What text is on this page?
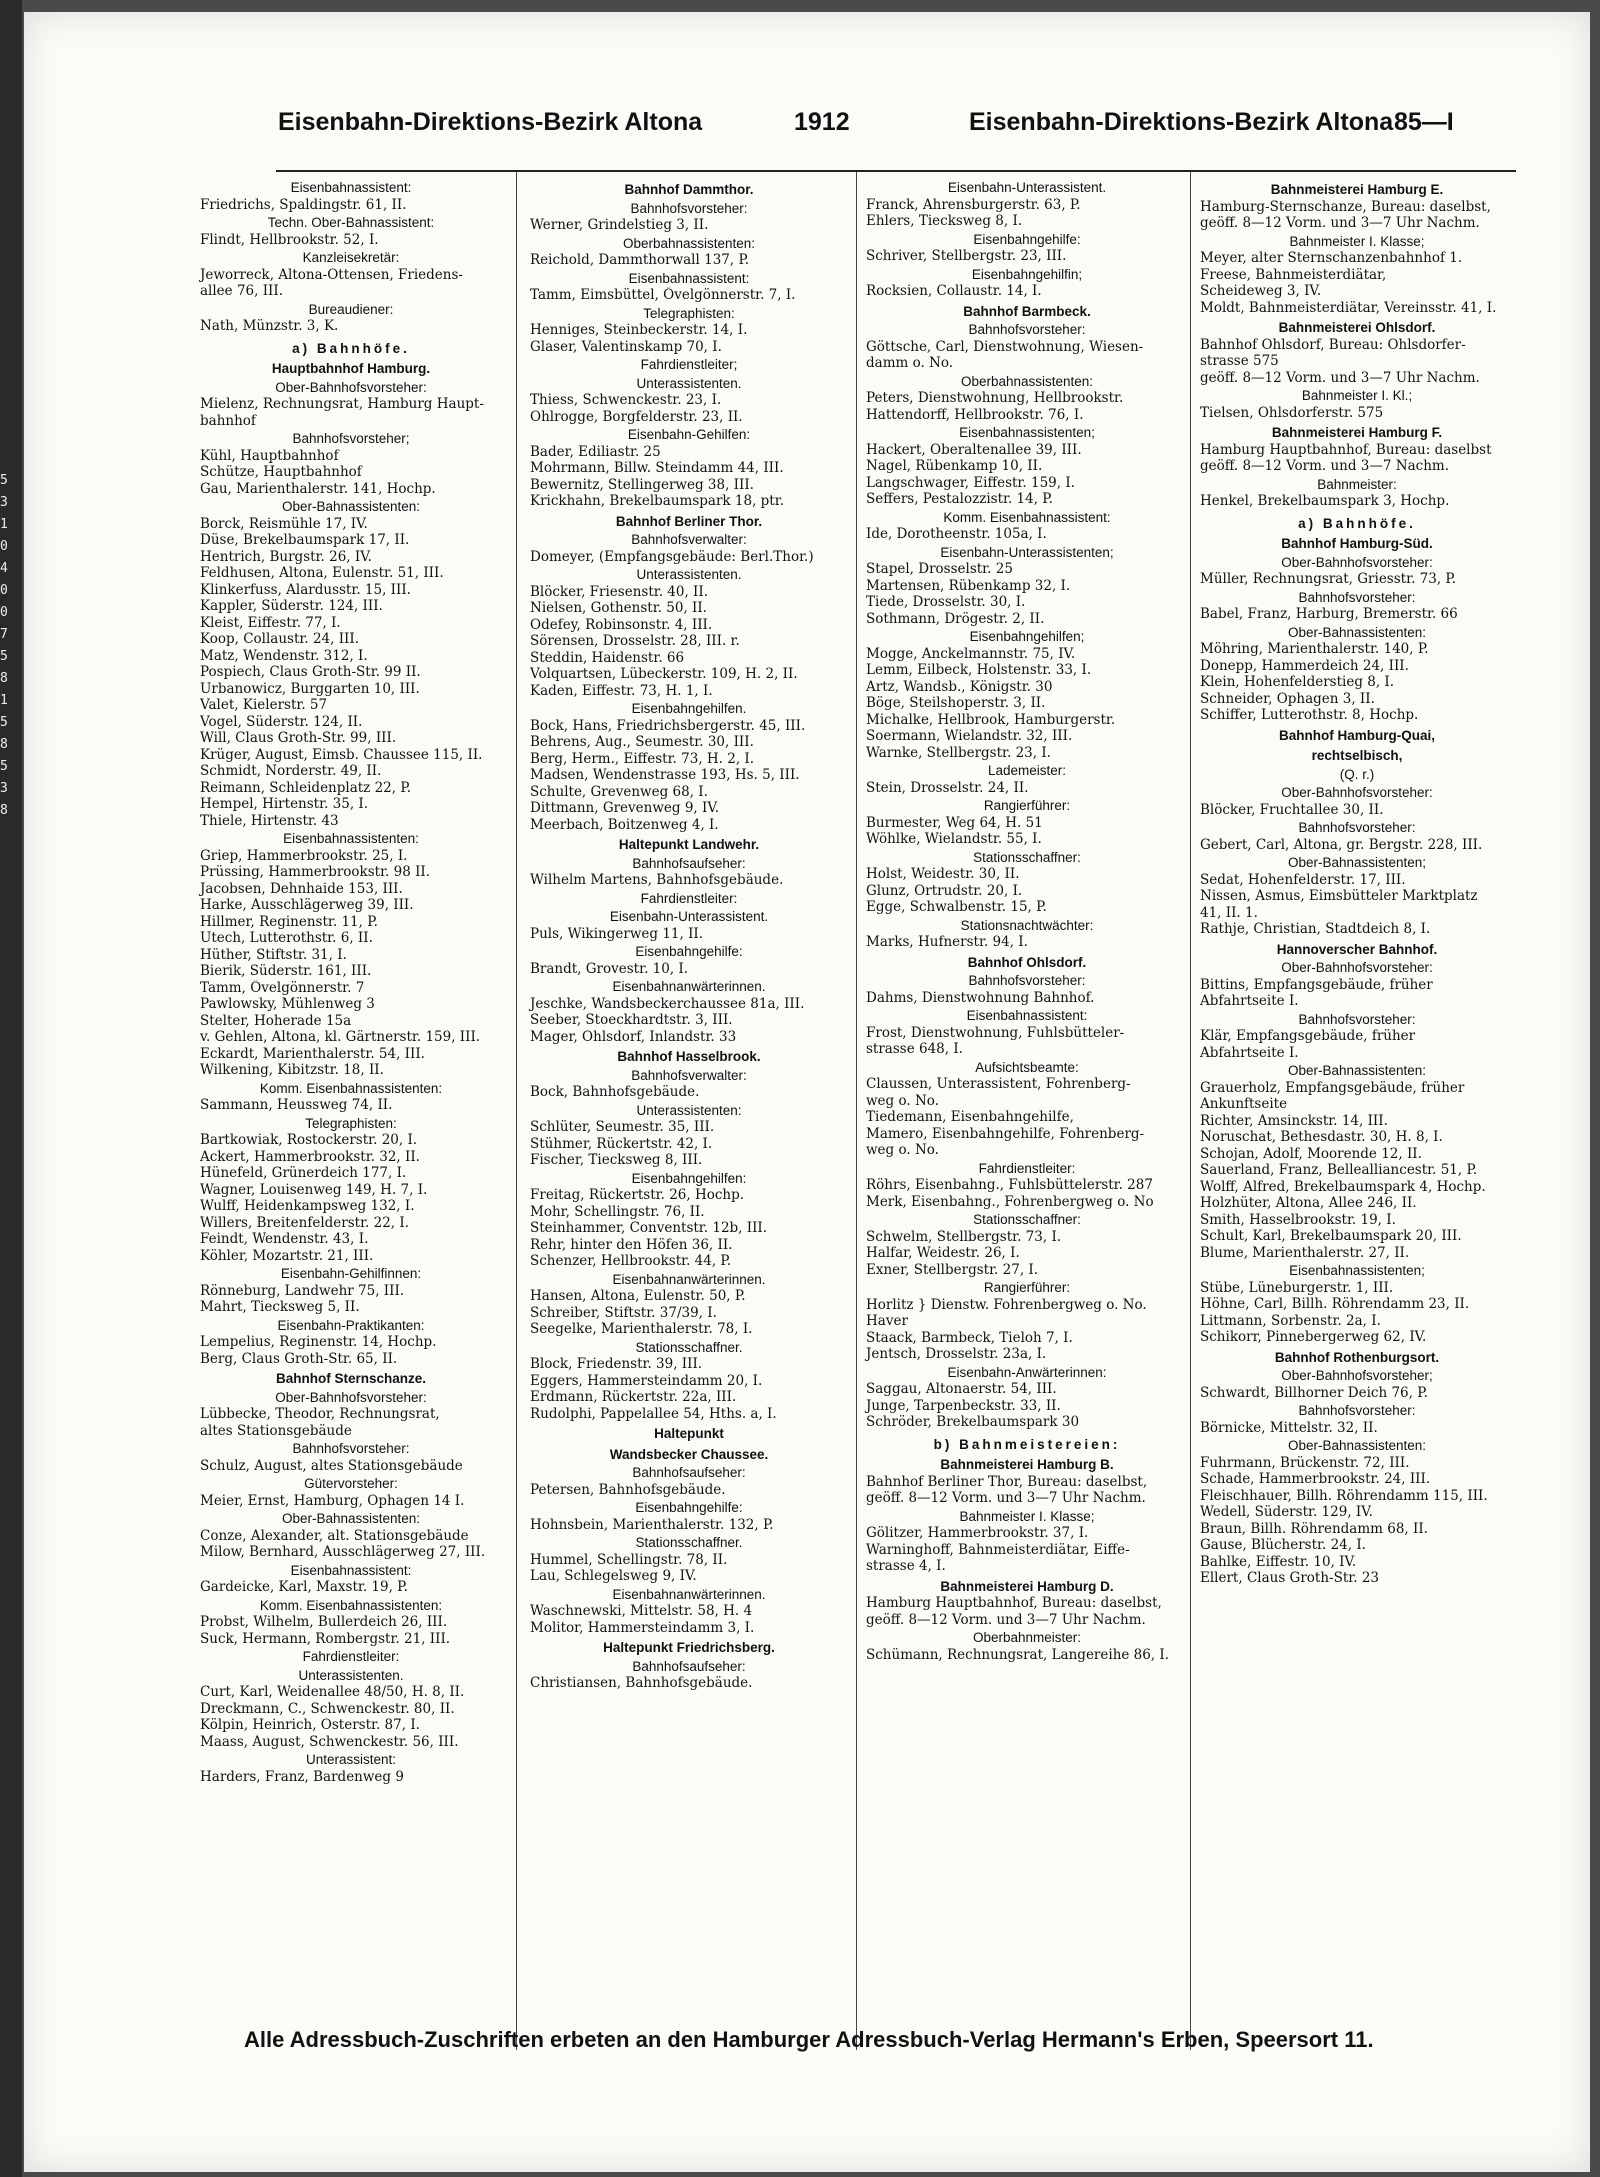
5 3 1 0 4 0 0 7 5 8 1 5 8 5 3 8
Eisenbahn-Direktions-Bezirk Altona	1912	Eisenbahn-Direktions-Bezirk Altona 85—I
Eisenbahnassistent:
Friedrichs, Spaldingstr. 61, II.
Techn. Ober-Bahnassistent:
Flindt, Hellbrookstr. 52, I.
Kanzleisekretär:
Jeworreck, Altona-Ottensen, Friedens-
allee 76, III.
Bureaudiener:
Nath, Münzstr. 3, K.
a) Bahnhöfe.
Hauptbahnhof Hamburg.
Ober-Bahnhofsvorsteher:
Mielenz, Rechnungsrat, Hamburg Haupt-
bahnhof
Bahnhofsvorsteher;
Kühl, Hauptbahnhof
Schütze, Hauptbahnhof
Gau, Marienthalerstr. 141, Hochp.
Ober-Bahnassistenten:
Borck, Reismühle 17, IV.
Düse, Brekelbaumspark 17, II.
Hentrich, Burgstr. 26, IV.
Feldhusen, Altona, Eulenstr. 51, III.
Klinkerfuss, Alardusstr. 15, III.
Kappler, Süderstr. 124, III.
Kleist, Eiffestr. 77, I.
Koop, Collaustr. 24, III.
Matz, Wendenstr. 312, I.
Pospiech, Claus Groth-Str. 99 II.
Urbanowicz, Burggarten 10, III.
Valet, Kielerstr. 57
Vogel, Süderstr. 124, II.
Will, Claus Groth-Str. 99, III.
Krüger, August, Eimsb. Chaussee 115, II.
Schmidt, Norderstr. 49, II.
Reimann, Schleidenplatz 22, P.
Hempel, Hirtenstr. 35, I.
Thiele, Hirtenstr. 43
Eisenbahnassistenten:
Griep, Hammerbrookstr. 25, I.
Prüssing, Hammerbrookstr. 98 II.
Jacobsen, Dehnhaide 153, III.
Harke, Ausschlägerweg 39, III.
Hillmer, Reginenstr. 11, P.
Utech, Lutterothstr. 6, II.
Hüther, Stiftstr. 31, I.
Bierik, Süderstr. 161, III.
Tamm, Övelgönnerstr. 7
Pawlowsky, Mühlenweg 3
Stelter, Hoherade 15a
v. Gehlen, Altona, kl. Gärtnerstr. 159, III.
Eckardt, Marienthalerstr. 54, III.
Wilkening, Kibitzstr. 18, II.
Komm. Eisenbahnassistenten:
Sammann, Heussweg 74, II.
Telegraphisten:
Bartkowiak, Rostockerstr. 20, I.
Ackert, Hammerbrookstr. 32, II.
Hünefeld, Grünerdeich 177, I.
Wagner, Louisenweg 149, H. 7, I.
Wulff, Heidenkampsweg 132, I.
Willers, Breitenfelderstr. 22, I.
Feindt, Wendenstr. 43, I.
Köhler, Mozartstr. 21, III.
Eisenbahn-Gehilfinnen:
Rönneburg, Landwehr 75, III.
Mahrt, Tiecksweg 5, II.
Eisenbahn-Praktikanten:
Lempelius, Reginenstr. 14, Hochp.
Berg, Claus Groth-Str. 65, II.
Bahnhof Sternschanze.
Ober-Bahnhofsvorsteher:
Lübbecke, Theodor, Rechnungsrat,
altes Stationsgebäude
Bahnhofsvorsteher:
Schulz, August, altes Stationsgebäude
Gütervorsteher:
Meier, Ernst, Hamburg, Ophagen 14 I.
Ober-Bahnassistenten:
Conze, Alexander, alt. Stationsgebäude
Milow, Bernhard, Ausschlägerweg 27, III.
Eisenbahnassistent:
Gardeicke, Karl, Maxstr. 19, P.
Komm. Eisenbahnassistenten:
Probst, Wilhelm, Bullerdeich 26, III.
Suck, Hermann, Rombergstr. 21, III.
Fahrdienstleiter:
Unterassistenten.
Curt, Karl, Weidenallee 48/50, H. 8, II.
Dreckmann, C., Schwenckestr. 80, II.
Kölpin, Heinrich, Osterstr. 87, I.
Maass, August, Schwenckestr. 56, III.
Unterassistent:
Harders, Franz, Bardenweg 9
Bahnhof Dammthor.
Bahnhofsvorsteher:
Werner, Grindelstieg 3, II.
Oberbahnassistenten:
Reichold, Dammthorwall 137, P.
Eisenbahnassistent:
Tamm, Eimsbüttel, Övelgönnerstr. 7, I.
Telegraphisten:
Henniges, Steinbeckerstr. 14, I.
Glaser, Valentinskamp 70, I.
Fahrdienstleiter;
Unterassistenten.
Thiess, Schwenckestr. 23, I.
Ohlrogge, Borgfelderstr. 23, II.
Eisenbahn-Gehilfen:
Bader, Ediliastr. 25
Mohrmann, Billw. Steindamm 44, III.
Bewernitz, Stellingerweg 38, III.
Krickhahn, Brekelbaumspark 18, ptr.
Bahnhof Berliner Thor.
Bahnhofsverwalter:
Domeyer, (Empfangsgebäude: Berl.Thor.)
Unterassistenten.
Blöcker, Friesenstr. 40, II.
Nielsen, Gothenstr. 50, II.
Odefey, Robinsonstr. 4, III.
Sörensen, Drosselstr. 28, III. r.
Steddin, Haidenstr. 66
Volquartsen, Lübeckerstr. 109, H. 2, II.
Kaden, Eiffestr. 73, H. 1, I.
Eisenbahngehilfen.
Bock, Hans, Friedrichsbergerstr. 45, III.
Behrens, Aug., Seumestr. 30, III.
Berg, Herm., Eiffestr. 73, H. 2, I.
Madsen, Wendenstrasse 193, Hs. 5, III.
Schulte, Grevenweg 68, I.
Dittmann, Grevenweg 9, IV.
Meerbach, Boitzenweg 4, I.
Haltepunkt Landwehr.
Bahnhofsaufseher:
Wilhelm Martens, Bahnhofsgebäude.
Fahrdienstleiter:
Eisenbahn-Unterassistent.
Puls, Wikingerweg 11, II.
Eisenbahngehilfe:
Brandt, Grovestr. 10, I.
Eisenbahnanwärterinnen.
Jeschke, Wandsbeckerchaussee 81a, III.
Seeber, Stoeckhardtstr. 3, III.
Mager, Ohlsdorf, Inlandstr. 33
Bahnhof Hasselbrook.
Bahnhofsverwalter:
Bock, Bahnhofsgebäude.
Unterassistenten:
Schlüter, Seumestr. 35, III.
Stühmer, Rückertstr. 42, I.
Fischer, Tiecksweg 8, III.
Eisenbahngehilfen:
Freitag, Rückertstr. 26, Hochp.
Mohr, Schellingstr. 76, II.
Steinhammer, Conventstr. 12b, III.
Rehr, hinter den Höfen 36, II.
Schenzer, Hellbrookstr. 44, P.
Eisenbahnanwärterinnen.
Hansen, Altona, Eulenstr. 50, P.
Schreiber, Stiftstr. 37/39, I.
Seegelke, Marienthalerstr. 78, I.
Stationsschaffner.
Block, Friedenstr. 39, III.
Eggers, Hammersteindamm 20, I.
Erdmann, Rückertstr. 22a, III.
Rudolphi, Pappelallee 54, Hths. a, I.
Haltepunkt
Wandsbecker Chaussee.
Bahnhofsaufseher:
Petersen, Bahnhofsgebäude.
Eisenbahngehilfe:
Hohnsbein, Marienthalerstr. 132, P.
Stationsschaffner.
Hummel, Schellingstr. 78, II.
Lau, Schlegelsweg 9, IV.
Eisenbahnanwärterinnen.
Waschnewski, Mittelstr. 58, H. 4
Molitor, Hammersteindamm 3, I.
Haltepunkt Friedrichsberg.
Bahnhofsaufseher:
Christiansen, Bahnhofsgebäude.
Eisenbahn-Unterassistent.
Franck, Ahrensburgerstr. 63, P.
Ehlers, Tiecksweg 8, I.
Eisenbahngehilfe:
Schriver, Stellbergstr. 23, III.
Eisenbahngehilfin;
Rocksien, Collaustr. 14, I.
Bahnhof Barmbeck.
Bahnhofsvorsteher:
Göttsche, Carl, Dienstwohnung, Wiesen-
damm o. No.
Oberbahnassistenten:
Peters, Dienstwohnung, Hellbrookstr.
Hattendorff, Hellbrookstr. 76, I.
Eisenbahnassistenten;
Hackert, Oberaltenallee 39, III.
Nagel, Rübenkamp 10, II.
Langschwager, Eiffestr. 159, I.
Seffers, Pestalozzistr. 14, P.
Komm. Eisenbahnassistent:
Ide, Dorotheenstr. 105a, I.
Eisenbahn-Unterassistenten;
Stapel, Drosselstr. 25
Martensen, Rübenkamp 32, I.
Tiede, Drosselstr. 30, I.
Sothmann, Drögestr. 2, II.
Eisenbahngehilfen;
Mogge, Anckelmannstr. 75, IV.
Lemm, Eilbeck, Holstenstr. 33, I.
Artz, Wandsb., Königstr. 30
Böge, Steilshoperstr. 3, II.
Michalke, Hellbrook, Hamburgerstr.
Soermann, Wielandstr. 32, III.
Warnke, Stellbergstr. 23, I.
Lademeister:
Stein, Drosselstr. 24, II.
Rangierführer:
Burmester, Weg 64, H. 51
Wöhlke, Wielandstr. 55, I.
Stationsschaffner:
Holst, Weidestr. 30, II.
Glunz, Ortrudstr. 20, I.
Egge, Schwalbenstr. 15, P.
Stationsnachtwächter:
Marks, Hufnerstr. 94, I.
Bahnhof Ohlsdorf.
Bahnhofsvorsteher:
Dahms, Dienstwohnung Bahnhof.
Eisenbahnassistent:
Frost, Dienstwohnung, Fuhlsbütteler-
strasse 648, I.
Aufsichtsbeamte:
Claussen, Unterassistent, Fohrenberg-
weg o. No.
Tiedemann, Eisenbahngehilfe,
Mamero, Eisenbahngehilfe, Fohrenberg-
weg o. No.
Fahrdienstleiter:
Röhrs, Eisenbahng., Fuhlsbüttelerstr. 287
Merk, Eisenbahng., Fohrenbergweg o. No
Stationsschaffner:
Schwelm, Stellbergstr. 73, I.
Halfar, Weidestr. 26, I.
Exner, Stellbergstr. 27, I.
Rangierführer:
Horlitz } Dienstw. Fohrenbergweg o. No.
Haver
Staack, Barmbeck, Tieloh 7, I.
Jentsch, Drosselstr. 23a, I.
Eisenbahn-Anwärterinnen:
Saggau, Altonaerstr. 54, III.
Junge, Tarpenbeckstr. 33, II.
Schröder, Brekelbaumspark 30
b) Bahnmeistereien:
Bahnmeisterei Hamburg B.
Bahnhof Berliner Thor, Bureau: daselbst,
geöff. 8—12 Vorm. und 3—7 Uhr Nachm.
Bahnmeister I. Klasse;
Gölitzer, Hammerbrookstr. 37, I.
Warninghoff, Bahnmeisterdiätar, Eiffe-
strasse 4, I.
Bahnmeisterei Hamburg D.
Hamburg Hauptbahnhof, Bureau: daselbst,
geöff. 8—12 Vorm. und 3—7 Uhr Nachm.
Oberbahnmeister:
Schümann, Rechnungsrat, Langereihe 86, I.
Bahnmeisterei Hamburg E.
Hamburg-Sternschanze, Bureau: daselbst,
geöff. 8—12 Vorm. und 3—7 Uhr Nachm.
Bahnmeister I. Klasse;
Meyer, alter Sternschanzenbahnhof 1.
Freese, Bahnmeisterdiätar,
Scheideweg 3, IV.
Moldt, Bahnmeisterdiätar, Vereinsstr. 41, I.
Bahnmeisterei Ohlsdorf.
Bahnhof Ohlsdorf, Bureau: Ohlsdorfer-
strasse 575
geöff. 8—12 Vorm. und 3—7 Uhr Nachm.
Bahnmeister I. Kl.;
Tielsen, Ohlsdorferstr. 575
Bahnmeisterei Hamburg F.
Hamburg Hauptbahnhof, Bureau: daselbst
geöff. 8—12 Vorm. und 3—7 Nachm.
Bahnmeister:
Henkel, Brekelbaumspark 3, Hochp.
a) Bahnhöfe.
Bahnhof Hamburg-Süd.
Ober-Bahnhofsvorsteher:
Müller, Rechnungsrat, Griesstr. 73, P.
Bahnhofsvorsteher:
Babel, Franz, Harburg, Bremerstr. 66
Ober-Bahnassistenten:
Möhring, Marienthalerstr. 140, P.
Donepp, Hammerdeich 24, III.
Klein, Hohenfelderstieg 8, I.
Schneider, Ophagen 3, II.
Schiffer, Lutterothstr. 8, Hochp.
Bahnhof Hamburg-Quai,
rechtselbisch,
(Q. r.)
Ober-Bahnhofsvorsteher:
Blöcker, Fruchtallee 30, II.
Bahnhofsvorsteher:
Gebert, Carl, Altona, gr. Bergstr. 228, III.
Ober-Bahnassistenten;
Sedat, Hohenfelderstr. 17, III.
Nissen, Asmus, Eimsbütteler Marktplatz
41, II. 1.
Rathje, Christian, Stadtdeich 8, I.
Hannoverscher Bahnhof.
Ober-Bahnhofsvorsteher:
Bittins, Empfangsgebäude, früher
Abfahrtseite I.
Bahnhofsvorsteher:
Klär, Empfangsgebäude, früher
Abfahrtseite I.
Ober-Bahnassistenten:
Grauerholz, Empfangsgebäude, früher
Ankunftseite
Richter, Amsinckstr. 14, III.
Noruschat, Bethesdastr. 30, H. 8, I.
Schojan, Adolf, Moorende 12, II.
Sauerland, Franz, Bellealliancestr. 51, P.
Wolff, Alfred, Brekelbaumspark 4, Hochp.
Holzhüter, Altona, Allee 246, II.
Smith, Hasselbrookstr. 19, I.
Schult, Karl, Brekelbaumspark 20, III.
Blume, Marienthalerstr. 27, II.
Eisenbahnassistenten;
Stübe, Lüneburgerstr. 1, III.
Höhne, Carl, Billh. Röhrendamm 23, II.
Littmann, Sorbenstr. 2a, I.
Schikorr, Pinnebergerweg 62, IV.
Bahnhof Rothenburgsort.
Ober-Bahnhofsvorsteher;
Schwardt, Billhorner Deich 76, P.
Bahnhofsvorsteher:
Börnicke, Mittelstr. 32, II.
Ober-Bahnassistenten:
Fuhrmann, Brückenstr. 72, III.
Schade, Hammerbrookstr. 24, III.
Fleischhauer, Billh. Röhrendamm 115, III.
Wedell, Süderstr. 129, IV.
Braun, Billh. Röhrendamm 68, II.
Gause, Blücherstr. 24, I.
Bahlke, Eiffestr. 10, IV.
Ellert, Claus Groth-Str. 23
Alle Adressbuch-Zuschriften erbeten an den Hamburger Adressbuch-Verlag Hermann's Erben, Speersort 11.
